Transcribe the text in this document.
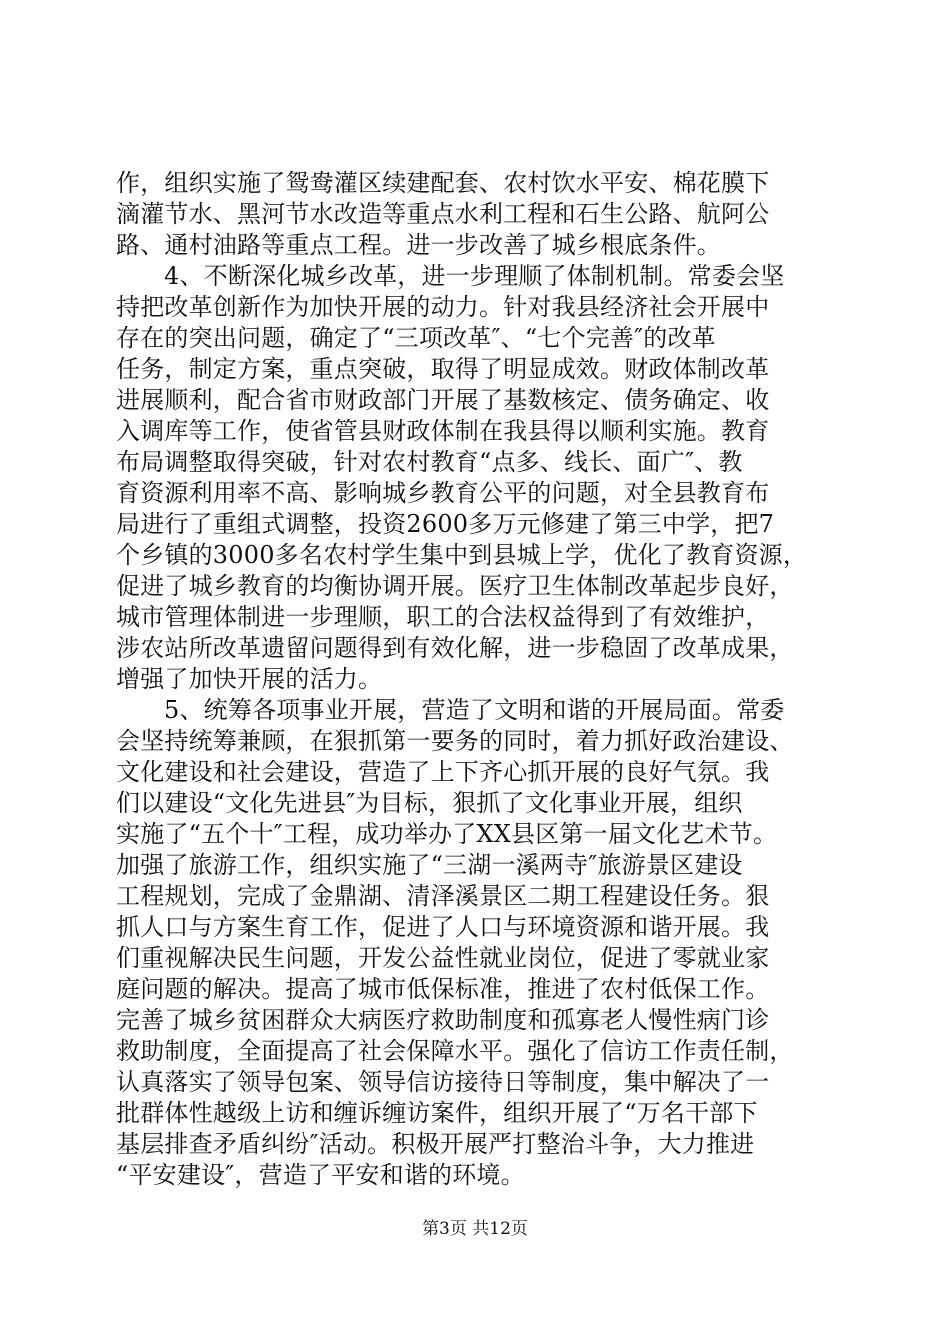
作，组织实施了鸳鸯灌区续建配套、农村饮水平安、棉花膜下
滴灌节水、黑河节水改造等重点水利工程和石生公路、航阿公
路、通村油路等重点工程。进一步改善了城乡根底条件。
4、不断深化城乡改革，进一步理顺了体制机制。常委会坚
持把改革创新作为加快开展的动力。针对我县经济社会开展中
存在的突出问题，确定了“三项改革″、“七个完善″的改革
任务，制定方案，重点突破，取得了明显成效。财政体制改革
进展顺利，配合省市财政部门开展了基数核定、债务确定、收
入调库等工作，使省管县财政体制在我县得以顺利实施。教育
布局调整取得突破，针对农村教育“点多、线长、面广″、教
育资源利用率不高、影响城乡教育公平的问题，对全县教育布
局进行了重组式调整，投资2600多万元修建了第三中学，把7
个乡镇的3000多名农村学生集中到县城上学，优化了教育资源，
促进了城乡教育的均衡协调开展。医疗卫生体制改革起步良好，
城市管理体制进一步理顺，职工的合法权益得到了有效维护，
涉农站所改革遗留问题得到有效化解，进一步稳固了改革成果，
增强了加快开展的活力。
5、统筹各项事业开展，营造了文明和谐的开展局面。常委
会坚持统筹兼顾，在狠抓第一要务的同时，着力抓好政治建设、
文化建设和社会建设，营造了上下齐心抓开展的良好气氛。我
们以建设“文化先进县″为目标，狠抓了文化事业开展，组织
实施了“五个十″工程，成功举办了XX县区第一届文化艺术节。
加强了旅游工作，组织实施了“三湖一溪两寺″旅游景区建设
工程规划，完成了金鼎湖、清泽溪景区二期工程建设任务。狠
抓人口与方案生育工作，促进了人口与环境资源和谐开展。我
们重视解决民生问题，开发公益性就业岗位，促进了零就业家
庭问题的解决。提高了城市低保标准，推进了农村低保工作。
完善了城乡贫困群众大病医疗救助制度和孤寡老人慢性病门诊
救助制度，全面提高了社会保障水平。强化了信访工作责任制，
认真落实了领导包案、领导信访接待日等制度，集中解决了一
批群体性越级上访和缠诉缠访案件，组织开展了“万名干部下
基层排查矛盾纠纷″活动。积极开展严打整治斗争，大力推进
“平安建设″，营造了平安和谐的环境。
第3页 共12页
